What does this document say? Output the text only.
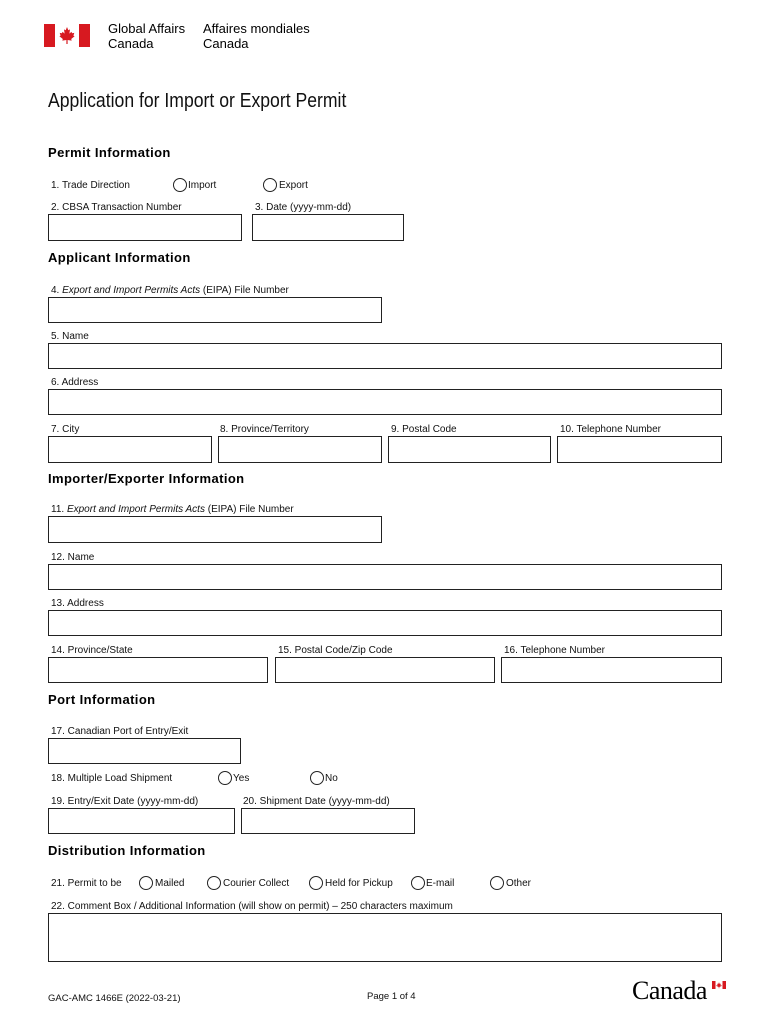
Global Affairs
Canada
Affaires mondiales
Canada
Application for Import or Export Permit
Permit Information
1. Trade Direction	Import	Export
2. CBSA Transaction Number	3. Date (yyyy-mm-dd)
Applicant Information
4. Export and Import Permits Acts (EIPA) File Number
5. Name
6. Address
7. City	8. Province/Territory	9. Postal Code	10. Telephone Number
Importer/Exporter Information
11. Export and Import Permits Acts (EIPA) File Number
12. Name
13. Address
14. Province/State	15. Postal Code/Zip Code	16. Telephone Number
Port Information
17. Canadian Port of Entry/Exit
18. Multiple Load Shipment	Yes	No
19. Entry/Exit Date (yyyy-mm-dd)	20. Shipment Date (yyyy-mm-dd)
Distribution Information
21. Permit to be	Mailed	Courier Collect	Held for Pickup	E-mail	Other
22. Comment Box / Additional Information (will show on permit) – 250 characters maximum
GAC-AMC 1466E (2022-03-21)	Page 1 of 4	Canada
